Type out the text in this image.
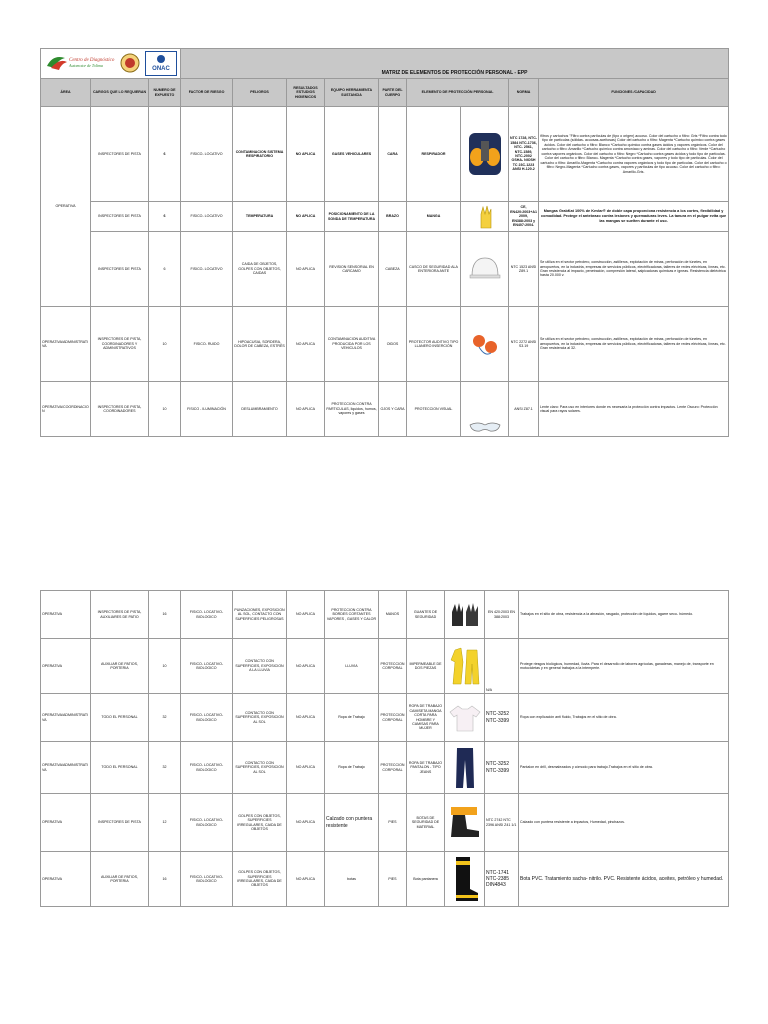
Centro de Diagnóstico
Automotor de Tolima ONAC			MATRIZ DE ELEMENTOS DE PROTECCIÓN PERSONAL - EPP								
ÁREA	CARGOS QUE LO REQUIERAN	NUMERO DE EXPUESTO	FACTOR DE RIESGO	PELIGROS	RESULTADOS ESTUDIOS HIGIENICOS	EQUIPO HERRAMIENTA SUSTANCIA	PARTE DEL CUERPO	ELEMENTO DE PROTECCIÓN PERSONAL		NORMA	FUNCIONES /CAPACIDAD
OPERATIVA	INSPECTORES DE PISTA	6	FISICO- LOCATIVO	CONTAMINACION SISTEMA RESPIRATORIO	NO APLICA	GASES VEHICULARES	CARA	RESPIRADOR		NTC 1728, NTC-1584 NTC-1736, NTC- 2561, NTC-1589, NTC-2002 OSHA- NIOSH TC 23C-1223 ANSI H-120.2	filtros y cartuchos "Filtro contra partículas de (tipo o origen) acuoso. Color del cartucho o filtro: Gris *Filtro contra todo tipo de partículas (sólidas- acuosas-aceitosas) Color del cartucho o filtro: Magenta *Cartucho químico contra gases ácidos. Color del cartucho o filtro: Blanco *Cartucho químico contra gases ácidos y vapores orgánicos. Color del cartucho o filtro: Amarillo *Cartucho químico contra amoníaco y aminas. Color del cartucho o filtro: Verde *Cartucho contra vapores orgánicos. Color del cartucho o filtro: Negro *Cartucho contra gases ácidos y todo tipo de partículas. Color del cartucho o filtro: Blanco- Magenta *Cartucho contra gases, vapores y todo tipo de partículas. Color del cartucho o filtro: Amarillo-Magenta *Cartucho contra vapores orgánicos y todo tipo de partículas. Color del cartucho o filtro: Negro-Magenta *Cartucho contra gases, vapores y partículas de tipo acuoso. Color del cartucho o filtro: Amarillo-Gris.
	INSPECTORES DE PISTA	6	FISICO- LOCATIVO	TEMPERATURA	NO APLICA	POSICIONAMIENTO DE LA SONDA DE TEMPERATURA	BRAZO	MANGA		CE, EN420:2003+A1 2009, EN388:2003 y EN407:2004.	Mangas GrabKat 100% de Kevlar® de doble capa proporciona resistencia a los cortes, flexibilidad y comodidad. Protege el antebrazo contra lesiones y quemaduras leves. La tanura en el pulgar evita que las mangas se suelten durante el uso.
	INSPECTORES DE PISTA	6	FISICO- LOCATIVO	CAIDA DE OBJETOS, GOLPES CON OBJETOS, CAIDAS	NO APLICA	REVISION SENSORIAL EN CARCAMO	CABEZA	CASCO DE SEGURIDAD ALA ENTERIORA ANTE		NTC 1523 ANSI Z89.1	Se utiliza en el sector petrolero, construcción, astilleros, explotación de minas, perforación de túneles, en aeropuertos, en la industria, empresas de servicios públicos, electrificadoras, talleres de redes eléctricas, líneas, etc. Gran resistencia al impacto, penetración, compresión lateral, salpicaduras químicas e ígneas. Resistencia dieléctrica hasta 20.000 v.
OPERATIVA/ADMINISTRATIVA	INSPECTORES DE PISTA, COORDINADORES Y ADMINISTRATIVOS	10	FISICO- RUIDO	HIPOACUSIA, SORDERA, DOLOR DE CABEZA, ESTRÉS	NO APLICA	CONTAMINACION AUDITIVA PRODUCIDA POR LOS VEHICULOS	OIDOS	PROTECTOR AUDITIVO TIPO LLANERO INSERCIÓN		NTC 2272 ANSI S3.19	Se utiliza en el sector petrolero, construcción, astilleros, explotación de minas, perforación de túneles, en aeropuertos, en la industria, empresas de servicios públicos, electrificadoras, talleres de redes eléctricas, líneas, etc. Gran resistencia al 32.
OPERATIVA/COORDINACION	INSPECTORES DE PISTA, COORDINADORES	10	FISICO - ILUMINACIÓN	DESLUMBRAMIENTO	NO APLICA	PROTECCION CONTRA PARTICULAS, liquidos, humos, vapores y gases	OJOS Y CARA	PROTECCION VISUAL		ANSI Z87.1	Lente claro: Para uso en interiores donde es necesaria la protección contra impactos. Lente Oscuro: Protección visual para rayos solares.
OPERATIVA	INSPECTORES DE PISTA, AUXILIARES DE PATIO	16	FISICO- LOCATIVO- BIOLOGICO	PUNZACIONES, EXPOSICION AL SOL, CONTACTO CON SUPERFICIES PELIGROSAS	NO APLICA	PROTECCION CONTRA BORDES CORTANTES VAPORES , GASES Y CALOR	MANOS	GUANTES DE SEGURIDAD		EN 420:2003 EN 388:2003	Trabajos en el sitio de obra, resistencia a la abrasión, rasgado, protección de líquidos, agarre seco- húmedo.
OPERATIVA	AUXILIAR DE PATIOS, PORTERIA	10	FISICO- LOCATIVO- BIOLOGICO	CONTACTO CON SUPERFICIES, EXPOSICION A LA LLUVIA	NO APLICA	LLUVIA	PROTECCION CORPORAL	IMPERMEABLE DE DOS PIEZAS		N/A	Protege riesgos biológicos, humedad, lluvia. Para el desarrollo de labores agrícolas, ganaderas, manejo de, transporte en motocicletas y en general trabajos a la intemperie.
OPERATIVA/ADMINISTRATIVA	TODO EL PERSONAL	32	FISICO- LOCATIVO- BIOLOGICO	CONTACTO CON SUPERFICIES, EXPOSICION AL SOL	NO APLICA	Ropa de Trabajo	PROTECCION CORPORAL	ROPA DE TRABAJO CAMISETA MANGA CORTA PARA HOMBRE Y CAMISAS PARA MUJER		NTC-3252 NTC-3399	Ropa con explicación anti fluido, Trabajos en el sitio de obra.
OPERATIVA/ADMINISTRATIVA	TODO EL PERSONAL	32	FISICO- LOCATIVO- BIOLOGICO	CONTACTO CON SUPERFICIES, EXPOSICION AL SOL	NO APLICA	Ropa de Trabajo	PROTECCION CORPORAL	ROPA DE TRABAJO PANTALON - TIPO JEANS		NTC-3252 NTC-3399	Pantalon en drill, desmalezados y cómodo para trabajo.Trabajos en el sitio de obra.
OPERATIVA	INSPECTORES DE PISTA	12	FISICO- LOCATIVO- BIOLOGICO	GOLPES CON OBJETOS, SUPERFICIES IRREGULARES, CAIDA DE OBJETOS	NO APLICA	Calzado con puntera resistente	PIES	BOTAS DE SEGURIDAD DE MATERIAL		NTC 2742 NTC 2396 ANSI Z41 1/1	Calzado con puntera resistente a impactos, Humedad, pinchazos.
OPERATIVA	AUXILIAR DE PATIOS, PORTERIA	16	FISICO- LOCATIVO- BIOLOGICO	GOLPES CON OBJETOS, SUPERFICIES IRREGULARES, CAIDA DE OBJETOS	NO APLICA	botas	PIES	Bota pantanera		NTC-1741 NTC-2385 DIN4843	Bota PVC. Tratamiento sacha- nitrilo. PVC. Resistente ácidos, aceites, petróleo y humedad.
